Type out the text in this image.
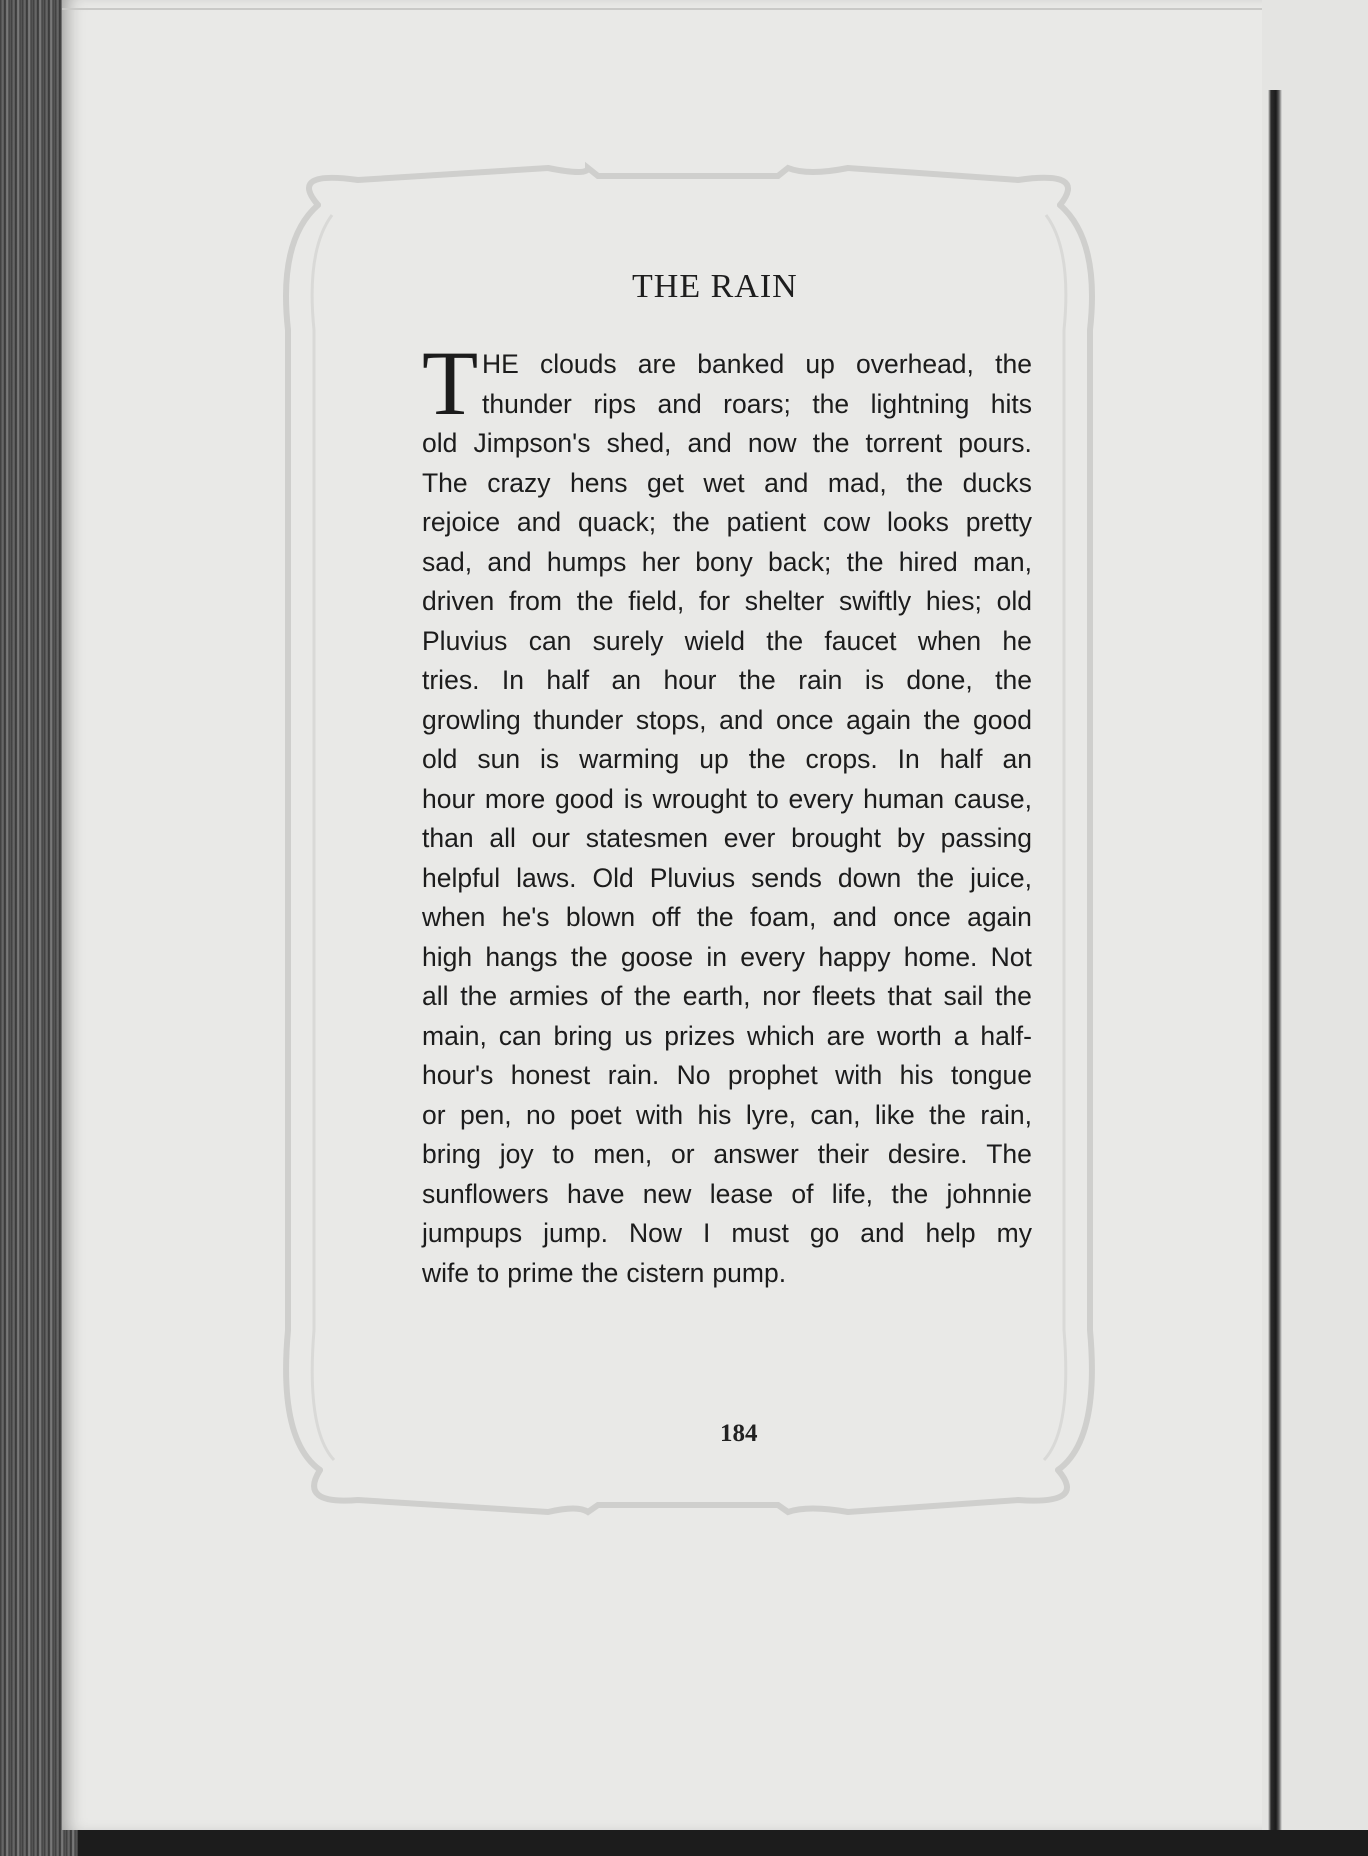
THE RAIN
T HE clouds are banked up overhead, the
thunder rips and roars; the lightning hits
old Jimpson's shed, and now the torrent pours.
The crazy hens get wet and mad, the ducks
rejoice and quack; the patient cow looks pretty
sad, and humps her bony back; the hired man,
driven from the field, for shelter swiftly hies; old
Pluvius can surely wield the faucet when he
tries. In half an hour the rain is done, the
growling thunder stops, and once again the good
old sun is warming up the crops. In half an
hour more good is wrought to every human cause,
than all our statesmen ever brought by passing
helpful laws. Old Pluvius sends down the juice,
when he's blown off the foam, and once again
high hangs the goose in every happy home. Not
all the armies of the earth, nor fleets that sail the
main, can bring us prizes which are worth a half-
hour's honest rain. No prophet with his tongue
or pen, no poet with his lyre, can, like the rain,
bring joy to men, or answer their desire. The
sunflowers have new lease of life, the johnnie
jumpups jump. Now I must go and help my
wife to prime the cistern pump.
184
